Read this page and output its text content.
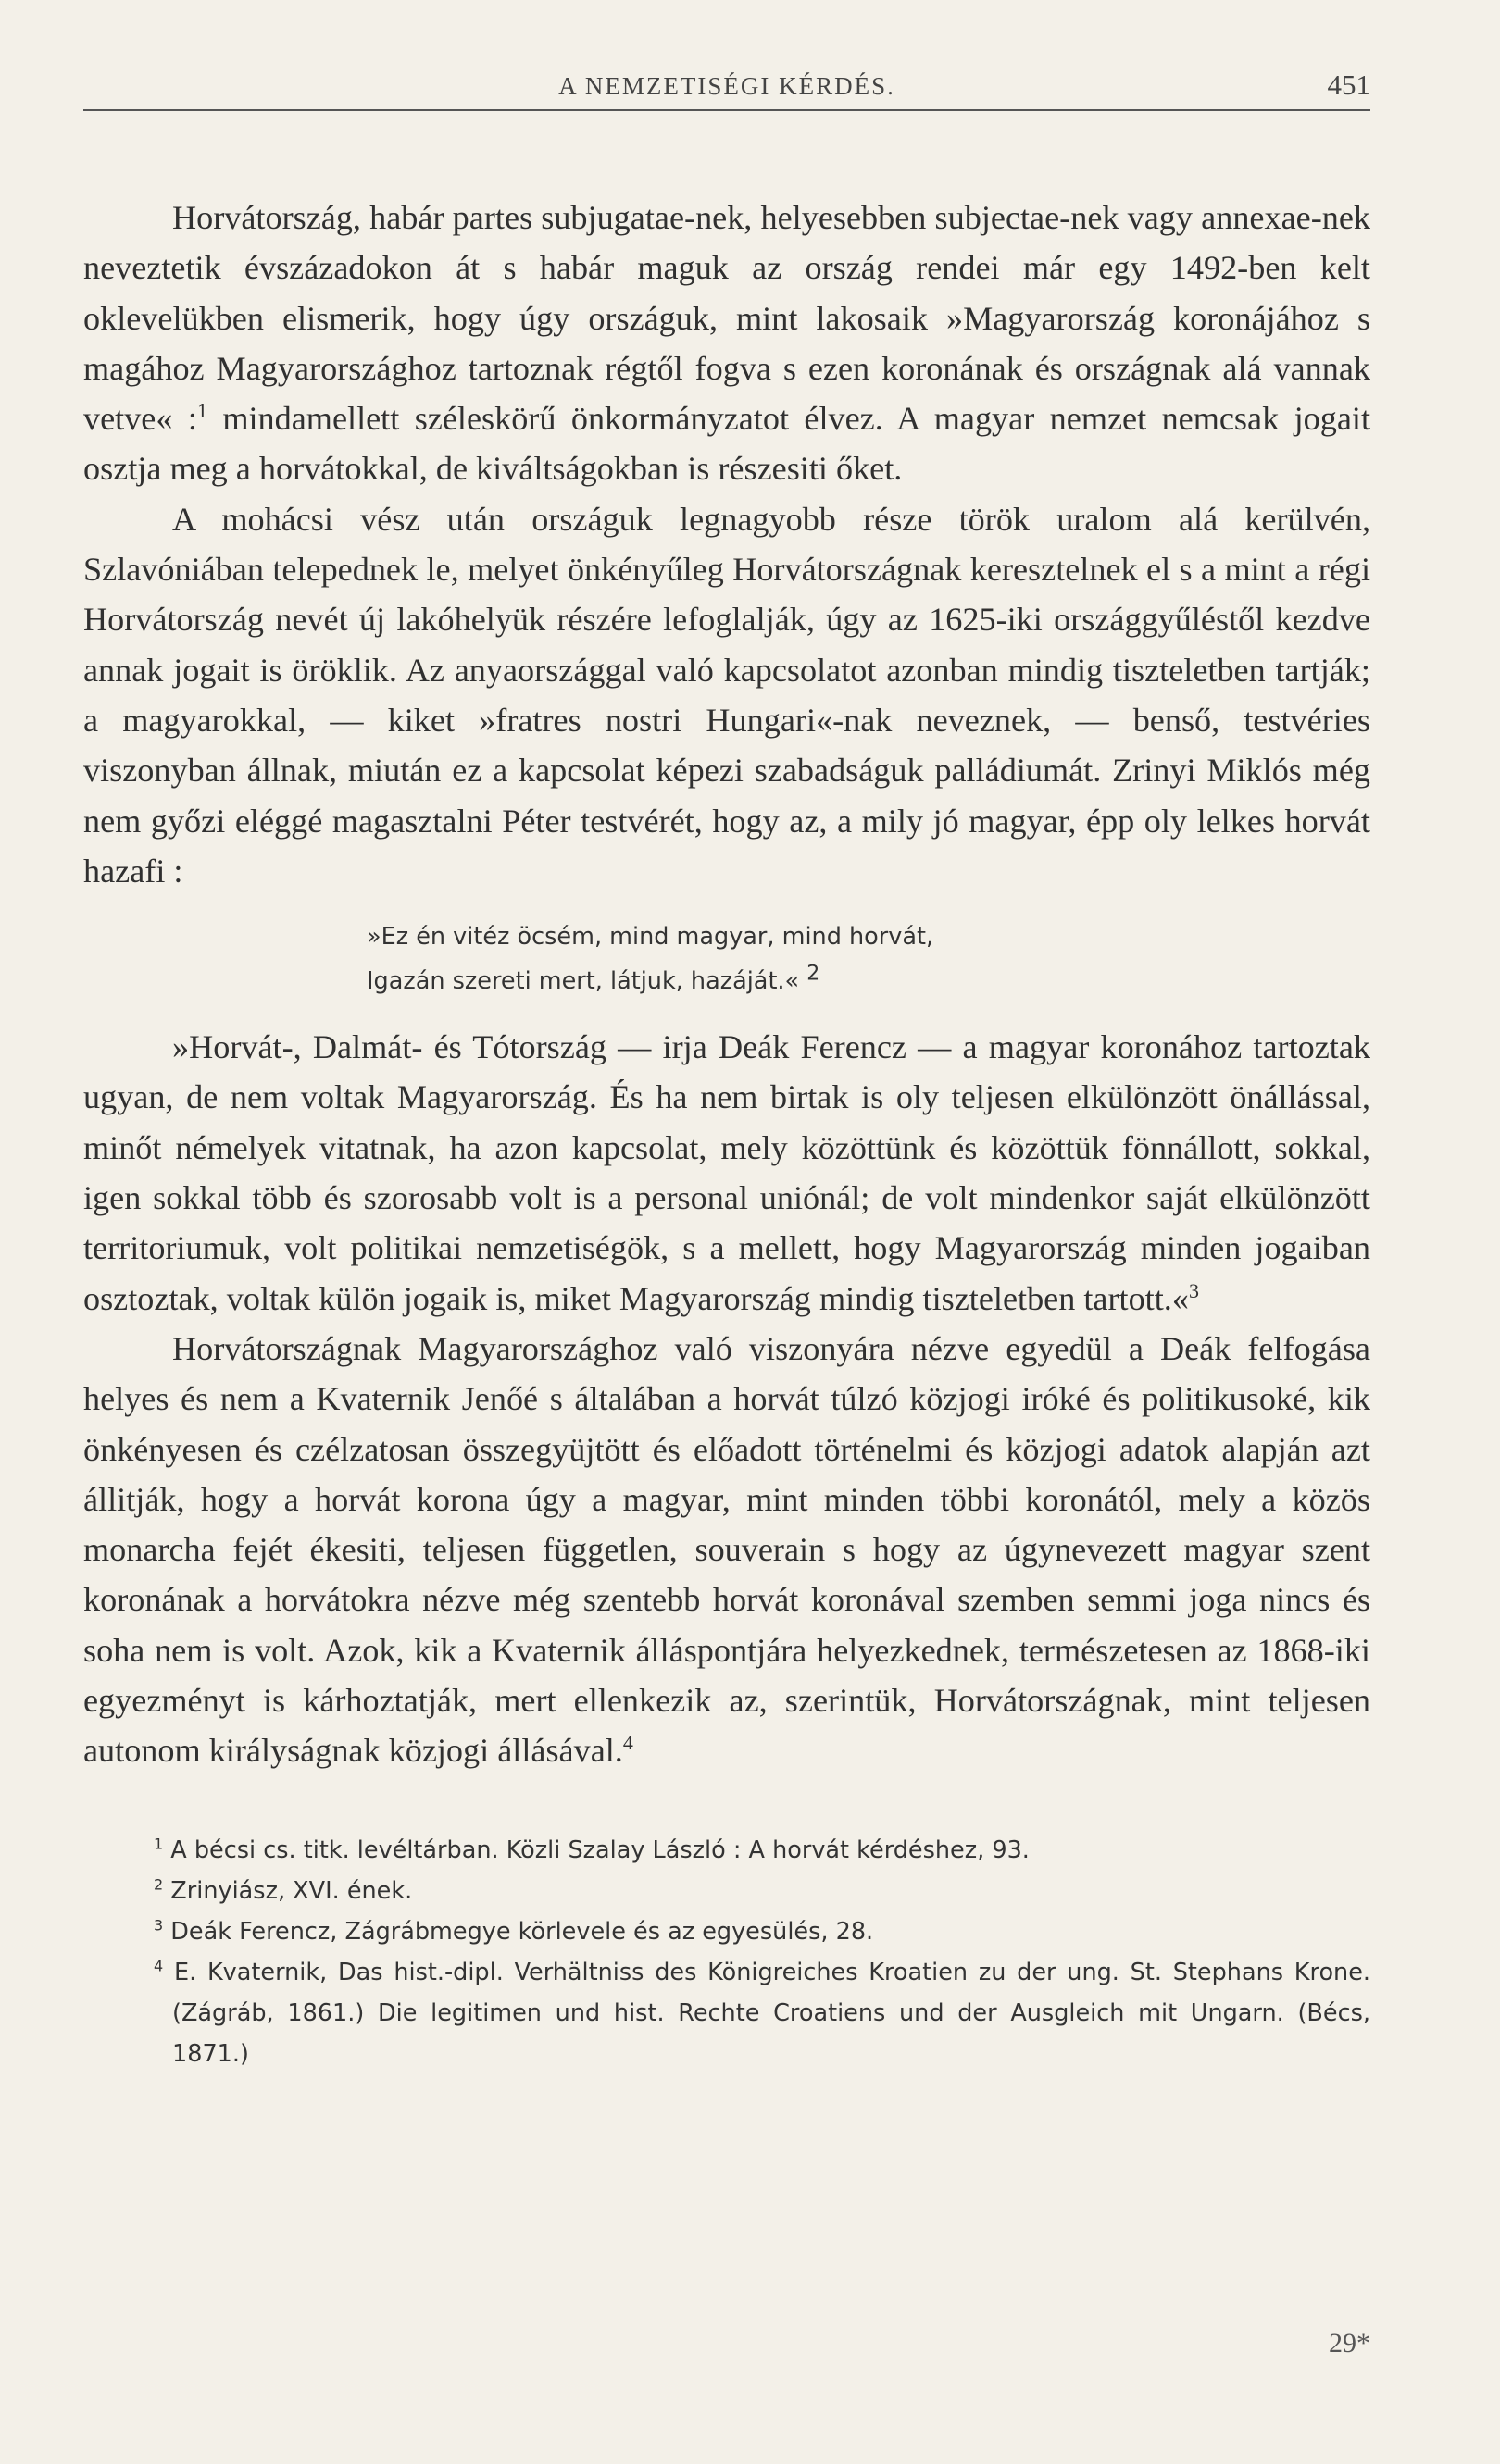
A NEMZETISÉGI KÉRDÉS.	451

Horvátország, habár partes subjugatae-nek, helyesebben subjectae-nek vagy annexae-nek neveztetik évszázadokon át s habár maguk az ország rendei már egy 1492-ben kelt oklevelükben elismerik, hogy úgy országuk, mint lakosaik »Magyarország koronájához s magához Magyarországhoz tartoznak régtől fogva s ezen koronának és országnak alá vannak vetve« :$^1$ mindamellett széleskörű önkormányzatot élvez. A magyar nemzet nemcsak jogait osztja meg a horvátokkal, de kiváltságokban is részesiti őket.

A mohácsi vész után országuk legnagyobb része török uralom alá kerülvén, Szlavóniában telepednek le, melyet önkényűleg Horvátországnak keresztelnek el s a mint a régi Horvátország nevét új lakóhelyük részére lefoglalják, úgy az 1625-iki országgyűléstől kezdve annak jogait is öröklik. Az anyaországgal való kapcsolatot azonban mindig tiszteletben tartják; a magyarokkal, — kiket »fratres nostri Hungari«-nak neveznek, — benső, testvéries viszonyban állnak, miután ez a kapcsolat képezi szabadságuk palládiumát. Zrinyi Miklós még nem győzi eléggé magasztalni Péter testvérét, hogy az, a mily jó magyar, épp oly lelkes horvát hazafi :

»Ez én vitéz öcsém, mind magyar, mind horvát,
Igazán szereti mert, látjuk, hazáját.« $^2$

»Horvát-, Dalmát- és Tótország — irja Deák Ferencz — a magyar koronához tartoztak ugyan, de nem voltak Magyarország. És ha nem birtak is oly teljesen elkülönzött önállással, minőt némelyek vitatnak, ha azon kapcsolat, mely közöttünk és közöttük fönnállott, sokkal, igen sokkal több és szorosabb volt is a personal uniónál; de volt mindenkor saját elkülönzött territoriumuk, volt politikai nemzetiségök, s a mellett, hogy Magyarország minden jogaiban osztoztak, voltak külön jogaik is, miket Magyarország mindig tiszteletben tartott.«$^3$

Horvátországnak Magyarországhoz való viszonyára nézve egyedül a Deák felfogása helyes és nem a Kvaternik Jenőé s általában a horvát túlzó közjogi iróké és politikusoké, kik önkényesen és czélzatosan összegyüjtött és előadott történelmi és közjogi adatok alapján azt állitják, hogy a horvát korona úgy a magyar, mint minden többi koronától, mely a közös monarcha fejét ékesiti, teljesen független, souverain s hogy az úgynevezett magyar szent koronának a horvátokra nézve még szentebb horvát koronával szemben semmi joga nincs és soha nem is volt. Azok, kik a Kvaternik álláspontjára helyezkednek, természetesen az 1868-iki egyezményt is kárhoztatják, mert ellenkezik az, szerintük, Horvátországnak, mint teljesen autonom királyságnak közjogi állásával.$^4$

$^1$ A bécsi cs. titk. levéltárban. Közli Szalay László : A horvát kérdéshez, 93.

$^2$ Zrinyiász, XVI. ének.

$^3$ Deák Ferencz, Zágrábmegye körlevele és az egyesülés, 28.

$^4$ E. Kvaternik, Das hist.-dipl. Verhältniss des Königreiches Kroatien zu der ung. St. Stephans Krone. (Zágráb, 1861.) Die legitimen und hist. Rechte Croatiens und der Ausgleich mit Ungarn. (Bécs, 1871.)

29*
